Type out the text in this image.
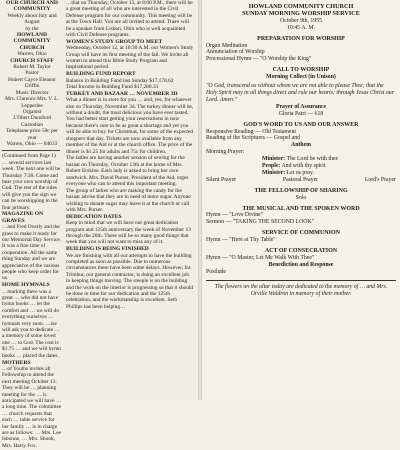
OUR CHURCH AND COMMUNITY
Weekly about July and August
by the
HOWLAND COMMUNITY CHURCH
Warren, Ohio
CHURCH STAFF
Robert M. Taylor
Pastor
Hubert Cayce Eleanor Griffin
Music Director
Mrs. Clarence Mrs. V. L. Lepperlee
Organist
J.Tibert Dunsford
Custodian
Telephone price 50c per year
Warren, Ohio — 84633
(Continued from Page 1)
… several services last week. The next one will be Thursday 7:30. Come and hear your own worship of God. The rest of the rules will give you the sign we can be worshipping in the four primary.
MAGAZINE ON GRAVES
…and Fred Overly and the grass to make it ready for our Memorial Day Service. It was a fine time of cooperation. All the same thing Sunday and we are appreciative of the various people who keep order for us.
HOME HYMNALS
…marking there was a great … who did not have hymn books … let the comfort and … we will do everything ourselves … hymnals very soon. …ise will ask you to dedicate … a memory of some loved one … to God. The cost is $1.75 … and we will hymn books … placed the dates.
MOTHERS
…of Youths invites all Fellowship to attend the next meeting October 13. They will be … planning meeting for the … is anticipated we will have … a long time. The committee … church requests that each … table service for her family … is in charge are as follows: … Mrs. Lee Isbonne, … Mrs. Shook, Mrs. Harry Fox.
…that on Thursday, October 13, at 8:00 P.M., there will be a great meeting of all who are interested in the Civil Defense program for our community. This meeting will be at the Town Hall. You are all invited to attend. There will be a speaker from Lisbon, Ohio who is well acquainted with Civil Defense programs.
WOMEN'S STUDY GROUP TO MEET
Wednesday, October 12, at 10:30 A.M. our Women's Study Group will have its first meeting of the fall. We invite all women to attend this Bible Study Program and inspirational period.
BUILDING FUND REPORT
Balance in Building Fund last Sunday $17,178.62
Total Income in Building Fund $17,280.33
TURKEY AND BAZAAR … NOVEMBER 3D
What a dinner is in store for you … and, yes, for whatever else on Thursday, November 3d. The turkey dinner will be, without a doubt, the most delicious you have ever tasted. You had better start getting your reservations in now because there's sure to be as great a shortage and yet you will be able to buy for Christmas, for some of the expected shoppers that day. Tickets are now available from any member of the Aid or at the church office. The price of the dinner is $1.25 for adults and 75c for children.
The ladies are having another session of sewing for the bazaar on Thursday, October 13th at the home of Mrs. Robert Erskine. Each lady is asked to bring her own sandwich. Mrs. David Purser, President of the Aid, urges everyone who can to attend this important meeting.
The group of ladies who are making the candy for the bazaar advise that they are in need of more sugar. Anyone wishing to donate sugar may leave it at the church or call with Mrs. Purser.
DEDICATION DATES
Keep in mind that we will have our great dedication program and 125th anniversary the week of November 13 through the 20th. There will be so many good things that week that you will not want to miss any of it.
BUILDING IS BEING FINISHED
We are finishing with all our attempts to have the building completed as soon as possible. Due to numerous circumstances there have been some delays. However, Ira Trimbur, our general contractor, is doing an excellent job in keeping things moving. The steeple is on the building and the work on the interior is progressing so that it should be done in time for our dedication and the 125th celebration, and the workmanship is excellent. Seth Phillips has been helping…
HOWLAND COMMUNITY CHURCH
SUNDAY MORNING WORSHIP SERVICE
October 9th, 1955
10:45 A. M.
PREPARATION FOR WORSHIP
Organ Meditation
Annunciation of Worship
Processional Hymn — "O Worship the King"
CALL TO WORSHIP
Morning Collect (in Unison)
"O God, transcend us without whom we are not able to please Thee; that the Holy Spirit may in all things direct and rule our hearts; through Jesus Christ our Lord. Amen."
Prayer of Assurance
Gloria Patri — 618
GOD'S WORD TO US AND OUR ANSWER
Responsive Reading — Old Testament
Reading of the Scriptures — Gospel and
Anthem
Morning Prayer:
Minister: The Lord be with thee
People: And with thy spirit
Minister: Let us pray.
Silent Prayer	Pastoral Prayer	Lord's Prayer
THE FELLOWSHIP OF SHARING
Solo
THE MUSICAL AND THE SPOKEN WORD
Hymn — "Love Divine"
Sermon — "TAKING THE SECOND LOOK"
SERVICE OF COMMUNION
Hymn — "Here at Thy Table"
ACT OF CONSECRATION
Hymn — "O Master, Let Me Walk With Thee"
Benediction and Response
Postlude
The flowers on the altar today are dedicated to the memory of … and Mrs. Orville Waldron in memory of their mother.
